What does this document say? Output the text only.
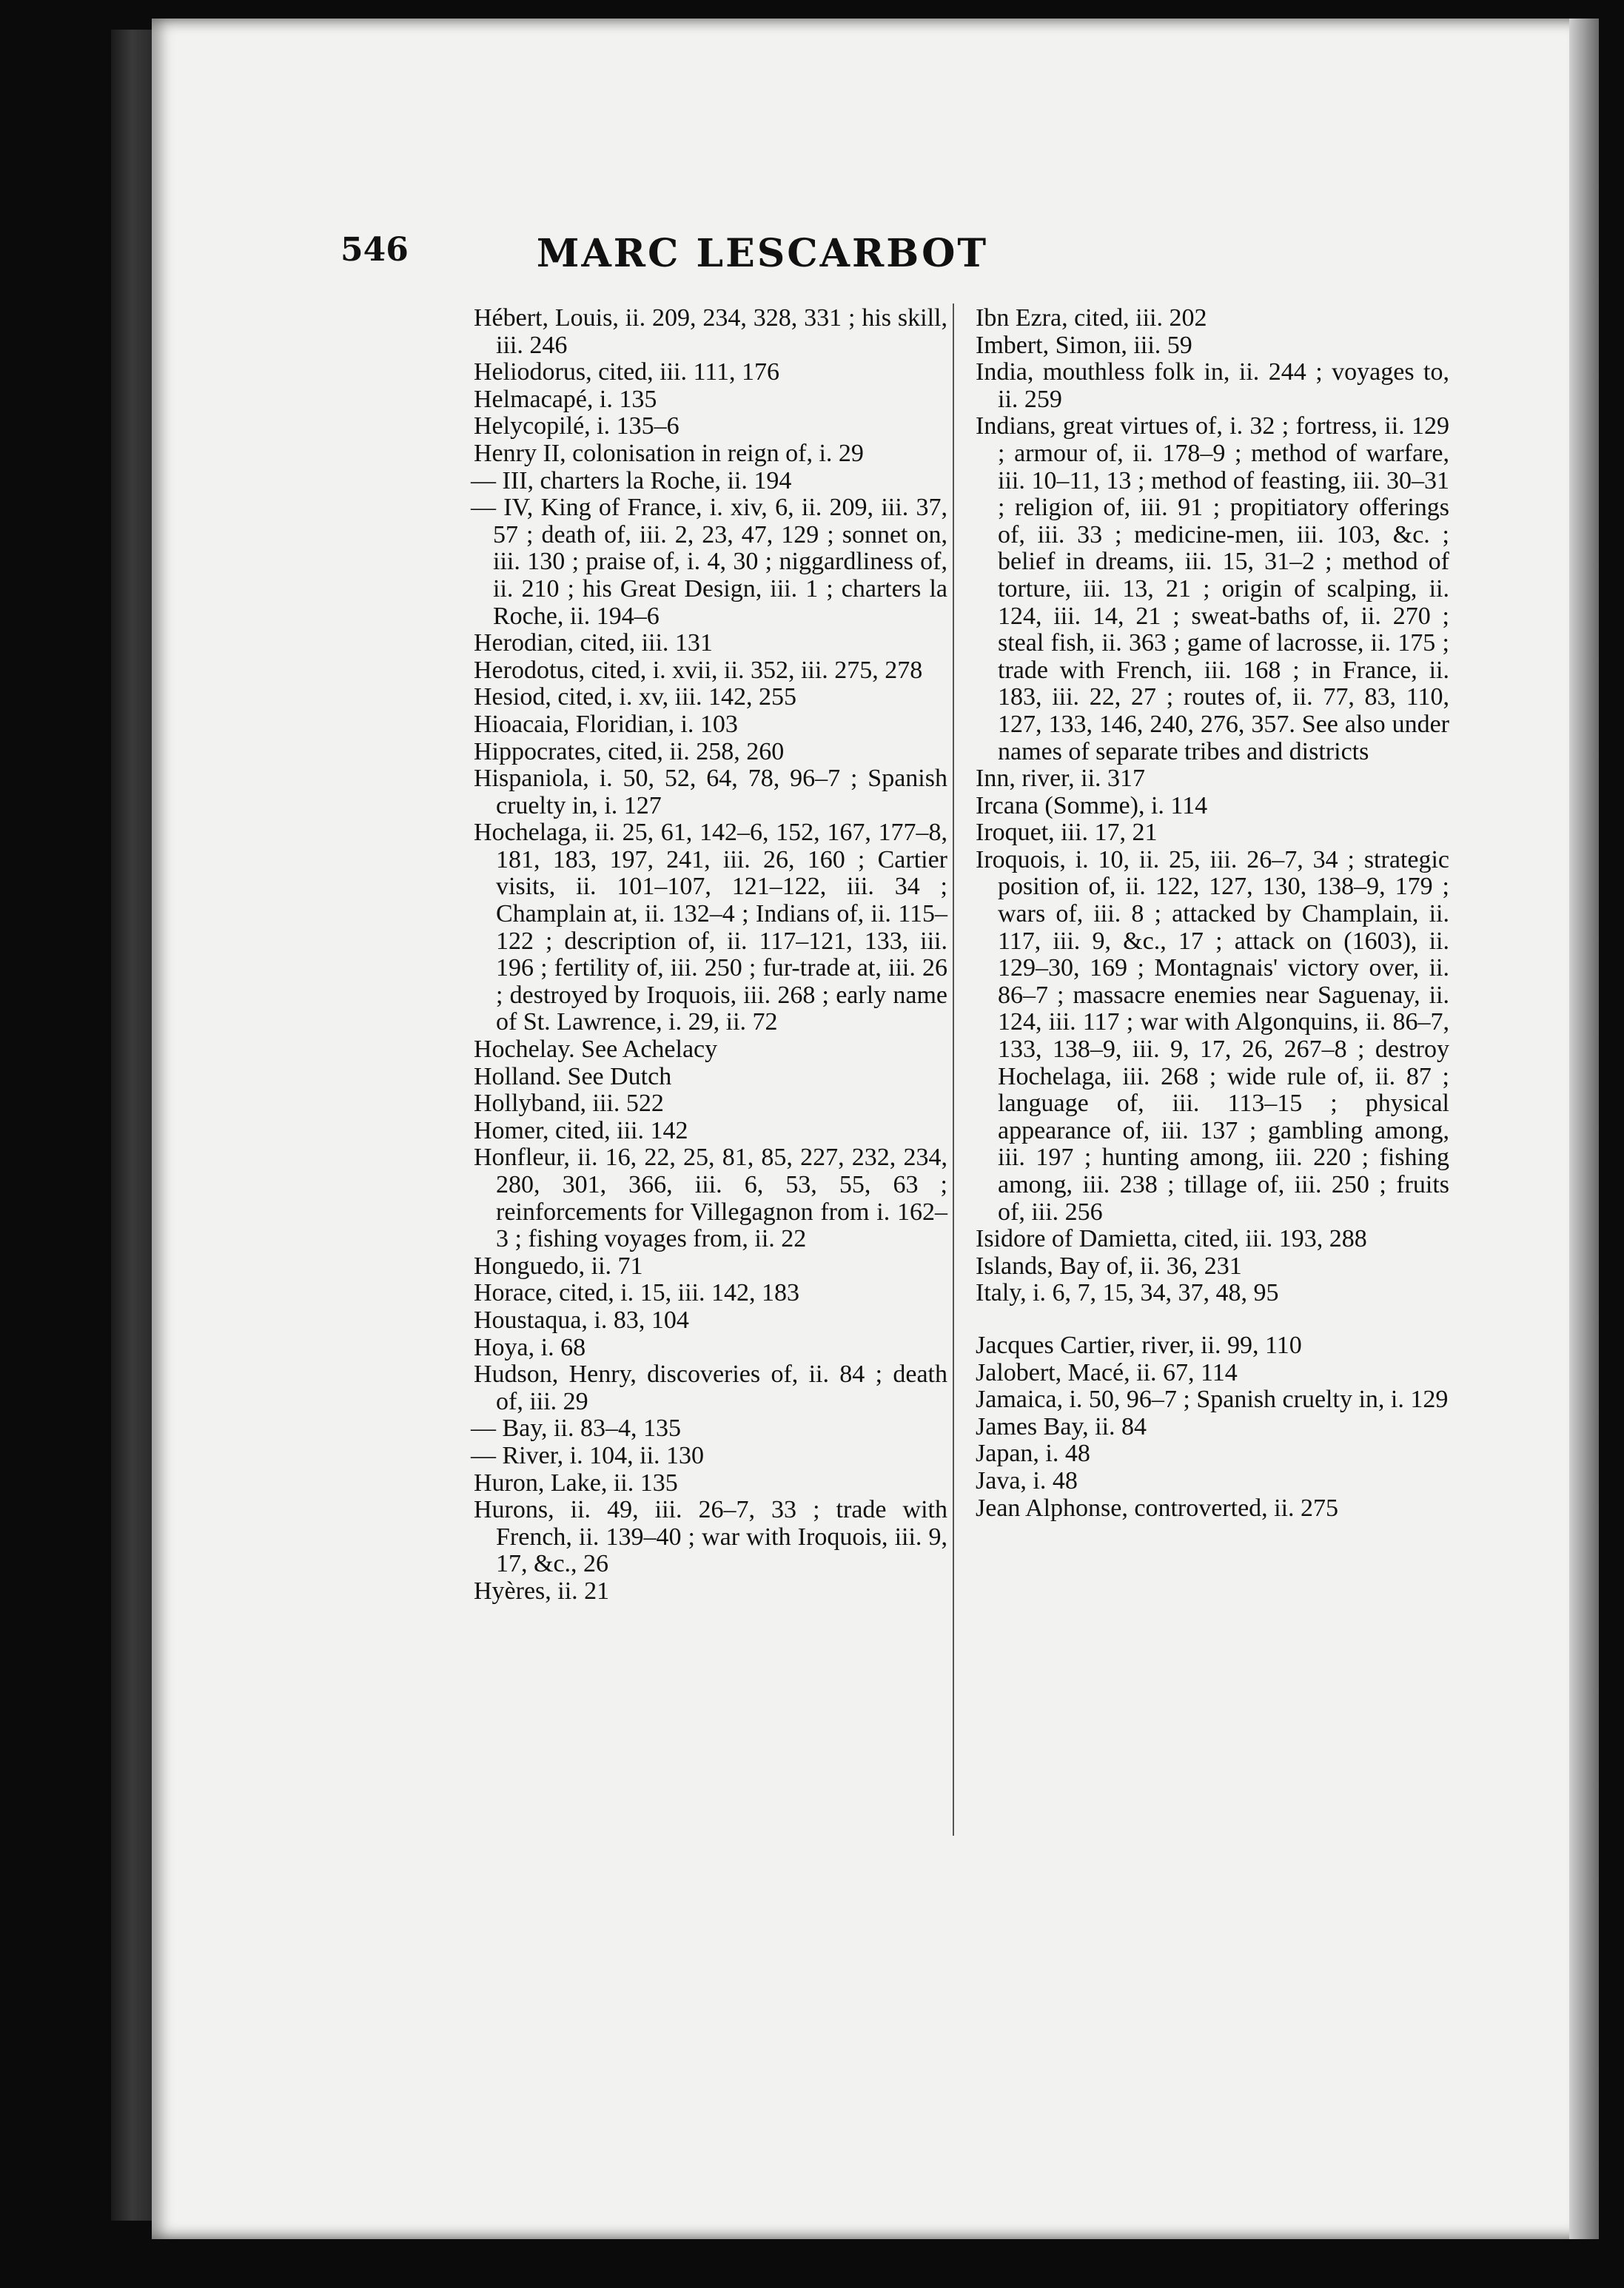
546	MARC LESCARBOT
Hébert, Louis, ii. 209, 234, 328, 331 ; his skill, iii. 246
Heliodorus, cited, iii. 111, 176
Helmacapé, i. 135
Helycopilé, i. 135–6
Henry II, colonisation in reign of, i. 29
— III, charters la Roche, ii. 194
— IV, King of France, i. xiv, 6, ii. 209, iii. 37, 57 ; death of, iii. 2, 23, 47, 129 ; sonnet on, iii. 130 ; praise of, i. 4, 30 ; niggardliness of, ii. 210 ; his Great Design, iii. 1 ; charters la Roche, ii. 194–6
Herodian, cited, iii. 131
Herodotus, cited, i. xvii, ii. 352, iii. 275, 278
Hesiod, cited, i. xv, iii. 142, 255
Hioacaia, Floridian, i. 103
Hippocrates, cited, ii. 258, 260
Hispaniola, i. 50, 52, 64, 78, 96–7 ; Spanish cruelty in, i. 127
Hochelaga, ii. 25, 61, 142–6, 152, 167, 177–8, 181, 183, 197, 241, iii. 26, 160 ; Cartier visits, ii. 101–107, 121–122, iii. 34 ; Champlain at, ii. 132–4 ; Indians of, ii. 115–122 ; description of, ii. 117–121, 133, iii. 196 ; fertility of, iii. 250 ; fur-trade at, iii. 26 ; destroyed by Iroquois, iii. 268 ; early name of St. Lawrence, i. 29, ii. 72
Hochelay. See Achelacy
Holland. See Dutch
Hollyband, iii. 522
Homer, cited, iii. 142
Honfleur, ii. 16, 22, 25, 81, 85, 227, 232, 234, 280, 301, 366, iii. 6, 53, 55, 63 ; reinforcements for Villegagnon from i. 162–3 ; fishing voyages from, ii. 22
Honguedo, ii. 71
Horace, cited, i. 15, iii. 142, 183
Houstaqua, i. 83, 104
Hoya, i. 68
Hudson, Henry, discoveries of, ii. 84 ; death of, iii. 29
— Bay, ii. 83–4, 135
— River, i. 104, ii. 130
Huron, Lake, ii. 135
Hurons, ii. 49, iii. 26–7, 33 ; trade with French, ii. 139–40 ; war with Iroquois, iii. 9, 17, &c., 26
Hyères, ii. 21
Ibn Ezra, cited, iii. 202
Imbert, Simon, iii. 59
India, mouthless folk in, ii. 244 ; voyages to, ii. 259
Indians, great virtues of, i. 32 ; fortress, ii. 129 ; armour of, ii. 178–9 ; method of warfare, iii. 10–11, 13 ; method of feasting, iii. 30–31 ; religion of, iii. 91 ; propitiatory offerings of, iii. 33 ; medicine-men, iii. 103, &c. ; belief in dreams, iii. 15, 31–2 ; method of torture, iii. 13, 21 ; origin of scalping, ii. 124, iii. 14, 21 ; sweat-baths of, ii. 270 ; steal fish, ii. 363 ; game of lacrosse, ii. 175 ; trade with French, iii. 168 ; in France, ii. 183, iii. 22, 27 ; routes of, ii. 77, 83, 110, 127, 133, 146, 240, 276, 357. See also under names of separate tribes and districts
Inn, river, ii. 317
Ircana (Somme), i. 114
Iroquet, iii. 17, 21
Iroquois, i. 10, ii. 25, iii. 26–7, 34 ; strategic position of, ii. 122, 127, 130, 138–9, 179 ; wars of, iii. 8 ; attacked by Champlain, ii. 117, iii. 9, &c., 17 ; attack on (1603), ii. 129–30, 169 ; Montagnais' victory over, ii. 86–7 ; massacre enemies near Saguenay, ii. 124, iii. 117 ; war with Algonquins, ii. 86–7, 133, 138–9, iii. 9, 17, 26, 267–8 ; destroy Hochelaga, iii. 268 ; wide rule of, ii. 87 ; language of, iii. 113–15 ; physical appearance of, iii. 137 ; gambling among, iii. 197 ; hunting among, iii. 220 ; fishing among, iii. 238 ; tillage of, iii. 250 ; fruits of, iii. 256
Isidore of Damietta, cited, iii. 193, 288
Islands, Bay of, ii. 36, 231
Italy, i. 6, 7, 15, 34, 37, 48, 95
Jacques Cartier, river, ii. 99, 110
Jalobert, Macé, ii. 67, 114
Jamaica, i. 50, 96–7 ; Spanish cruelty in, i. 129
James Bay, ii. 84
Japan, i. 48
Java, i. 48
Jean Alphonse, controverted, ii. 275
